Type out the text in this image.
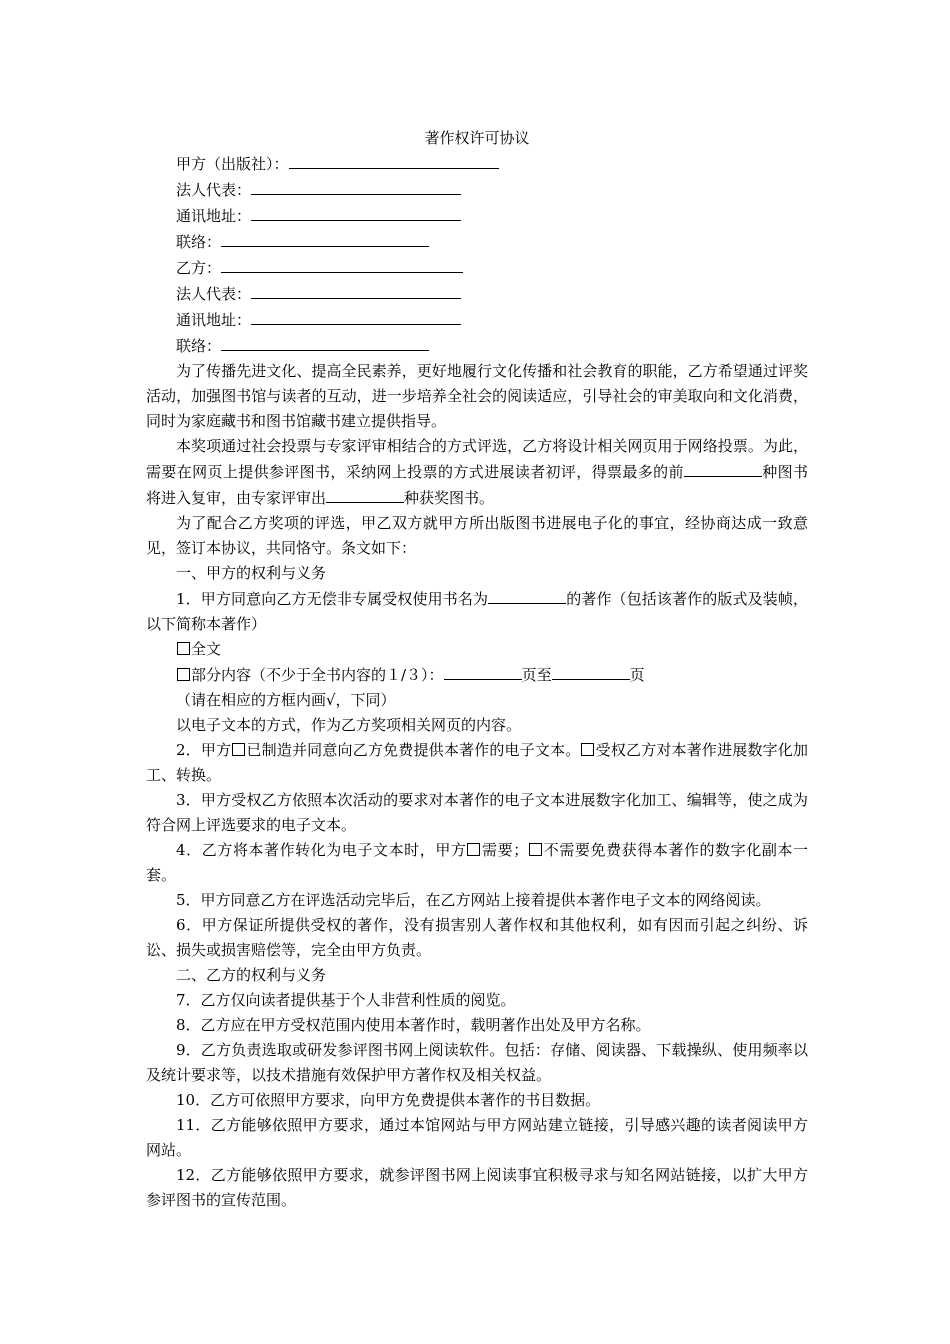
著作权许可协议

甲方（出版社）：

法人代表：

通讯地址：

联络：

乙方：

法人代表：

通讯地址：

联络：

为了传播先进文化、提高全民素养，更好地履行文化传播和社会教育的职能，乙方希望通过评奖活动，加强图书馆与读者的互动，进一步培养全社会的阅读适应，引导社会的审美取向和文化消费，同时为家庭藏书和图书馆藏书建立提供指导。

本奖项通过社会投票与专家评审相结合的方式评选，乙方将设计相关网页用于网络投票。为此，需要在网页上提供参评图书，采纳网上投票的方式进展读者初评，得票最多的前	种图书将进入复审，由专家评审出	种获奖图书。

为了配合乙方奖项的评选，甲乙双方就甲方所出版图书进展电子化的事宜，经协商达成一致意见，签订本协议，共同恪守。条文如下：

一、甲方的权利与义务

1．甲方同意向乙方无偿非专属受权使用书名为	的著作（包括该著作的版式及装帧，以下简称本著作）

全文

部分内容（不少于全书内容的１/３）：	页至	页

（请在相应的方框内画√，下同）

以电子文本的方式，作为乙方奖项相关网页的内容。

2．甲方 已制造并同意向乙方免费提供本著作的电子文本。 受权乙方对本著作进展数字化加工、转换。

3．甲方受权乙方依照本次活动的要求对本著作的电子文本进展数字化加工、编辑等，使之成为符合网上评选要求的电子文本。

4．乙方将本著作转化为电子文本时，甲方 需要； 不需要免费获得本著作的数字化副本一套。

5．甲方同意乙方在评选活动完毕后，在乙方网站上接着提供本著作电子文本的网络阅读。

6．甲方保证所提供受权的著作，没有损害别人著作权和其他权利，如有因而引起之纠纷、诉讼、损失或损害赔偿等，完全由甲方负责。

二、乙方的权利与义务

7．乙方仅向读者提供基于个人非营利性质的阅览。

8．乙方应在甲方受权范围内使用本著作时，载明著作出处及甲方名称。

9．乙方负责选取或研发参评图书网上阅读软件。包括：存储、阅读器、下载操纵、使用频率以及统计要求等，以技术措施有效保护甲方著作权及相关权益。

10．乙方可依照甲方要求，向甲方免费提供本著作的书目数据。

11．乙方能够依照甲方要求，通过本馆网站与甲方网站建立链接，引导感兴趣的读者阅读甲方网站。

12．乙方能够依照甲方要求，就参评图书网上阅读事宜积极寻求与知名网站链接，以扩大甲方参评图书的宣传范围。
